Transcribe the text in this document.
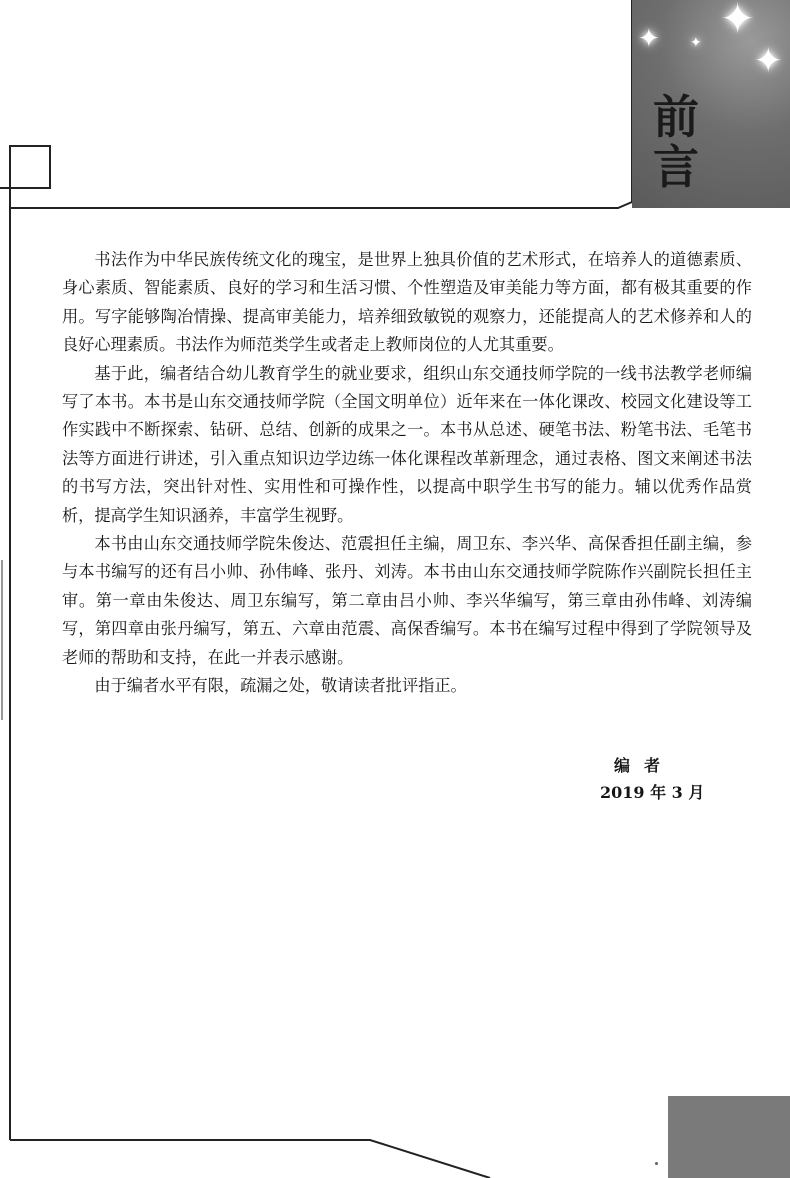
✦
✦
✦ ✦
前言

书法作为中华民族传统文化的瑰宝，是世界上独具价值的艺术形式，在培养人的道德素质、身心素质、智能素质、良好的学习和生活习惯、个性塑造及审美能力等方面，都有极其重要的作用。写字能够陶冶情操、提高审美能力，培养细致敏锐的观察力，还能提高人的艺术修养和人的良好心理素质。书法作为师范类学生或者走上教师岗位的人尤其重要。

基于此，编者结合幼儿教育学生的就业要求，组织山东交通技师学院的一线书法教学老师编写了本书。本书是山东交通技师学院（全国文明单位）近年来在一体化课改、校园文化建设等工作实践中不断探索、钻研、总结、创新的成果之一。本书从总述、硬笔书法、粉笔书法、毛笔书法等方面进行讲述，引入重点知识边学边练一体化课程改革新理念，通过表格、图文来阐述书法的书写方法，突出针对性、实用性和可操作性，以提高中职学生书写的能力。辅以优秀作品赏析，提高学生知识涵养，丰富学生视野。

本书由山东交通技师学院朱俊达、范震担任主编，周卫东、李兴华、高保香担任副主编，参与本书编写的还有吕小帅、孙伟峰、张丹、刘涛。本书由山东交通技师学院陈作兴副院长担任主审。第一章由朱俊达、周卫东编写，第二章由吕小帅、李兴华编写，第三章由孙伟峰、刘涛编写，第四章由张丹编写，第五、六章由范震、高保香编写。本书在编写过程中得到了学院领导及老师的帮助和支持，在此一并表示感谢。

由于编者水平有限，疏漏之处，敬请读者批评指正。

编者
2019 年 3 月
